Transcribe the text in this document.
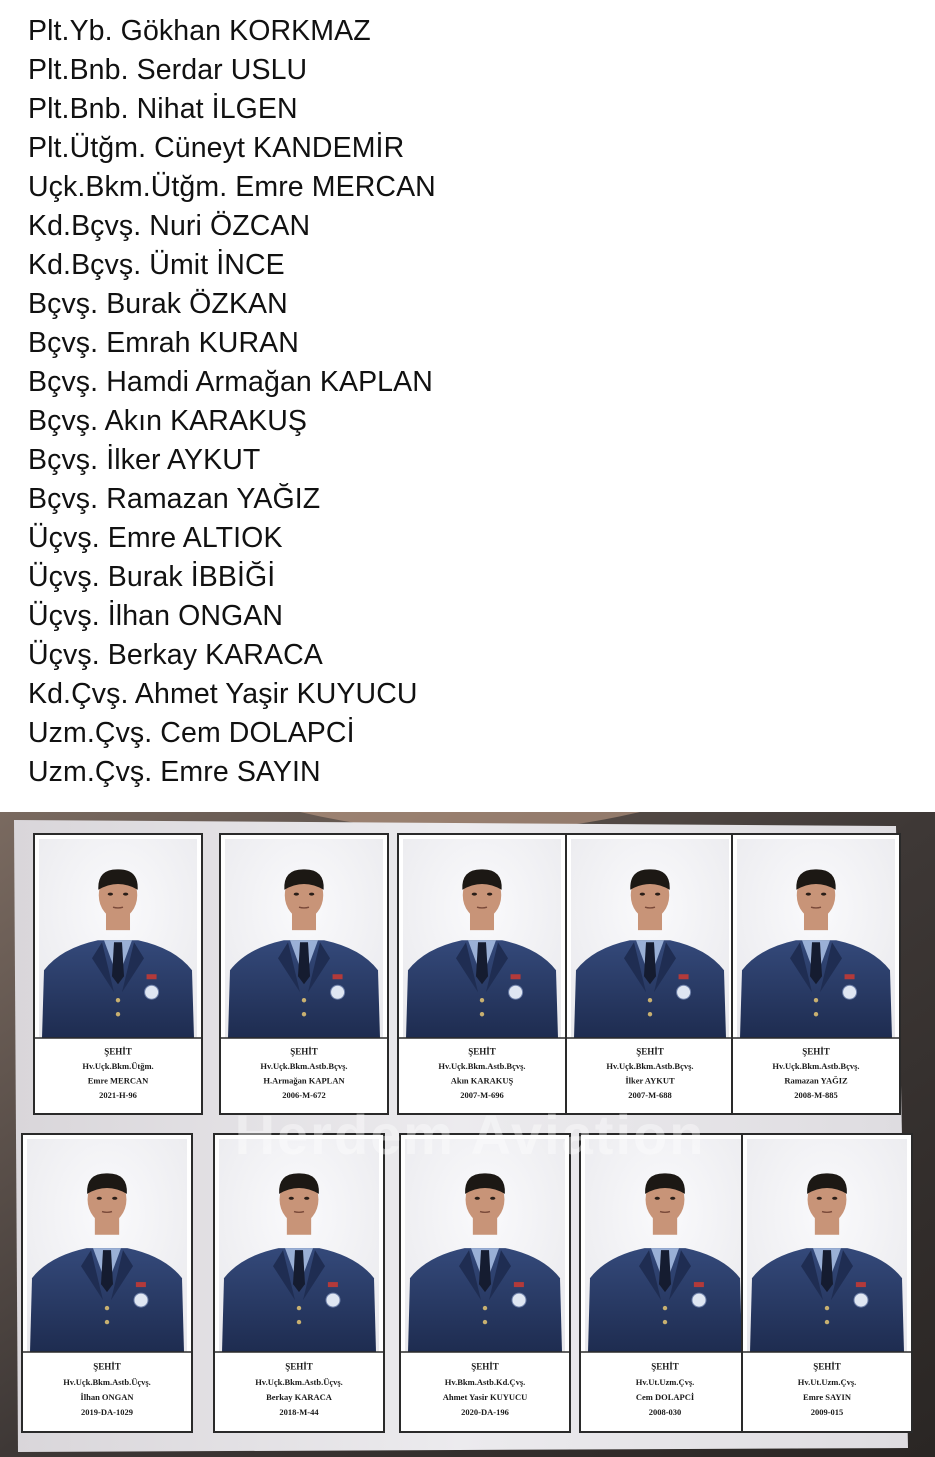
Plt.Yb. Gökhan KORKMAZ
Plt.Bnb. Serdar USLU
Plt.Bnb. Nihat İLGEN
Plt.Ütğm. Cüneyt KANDEMİR
Uçk.Bkm.Ütğm. Emre MERCAN
Kd.Bçvş. Nuri ÖZCAN
Kd.Bçvş. Ümit İNCE
Bçvş. Burak ÖZKAN
Bçvş. Emrah KURAN
Bçvş. Hamdi Armağan KAPLAN
Bçvş. Akın KARAKUŞ
Bçvş. İlker AYKUT
Bçvş. Ramazan YAĞIZ
Üçvş. Emre ALTIOK
Üçvş. Burak İBBİĞİ
Üçvş. İlhan ONGAN
Üçvş. Berkay KARACA
Kd.Çvş. Ahmet Yaşir KUYUCU
Uzm.Çvş. Cem DOLAPCİ
Uzm.Çvş. Emre SAYIN
ŞEHİT
Hv.Uçk.Bkm.Ütğm.
Emre MERCAN
2021-H-96
ŞEHİT
Hv.Uçk.Bkm.Astb.Bçvş.
H.Armağan KAPLAN
2006-M-672
ŞEHİT
Hv.Uçk.Bkm.Astb.Bçvş.
Akın KARAKUŞ
2007-M-696
ŞEHİT
Hv.Uçk.Bkm.Astb.Bçvş.
İlker AYKUT
2007-M-688
ŞEHİT
Hv.Uçk.Bkm.Astb.Bçvş.
Ramazan YAĞIZ
2008-M-885
ŞEHİT
Hv.Uçk.Bkm.Astb.Üçvş.
İlhan ONGAN
2019-DA-1029
ŞEHİT
Hv.Uçk.Bkm.Astb.Üçvş.
Berkay KARACA
2018-M-44
ŞEHİT
Hv.Bkm.Astb.Kd.Çvş.
Ahmet Yasir KUYUCU
2020-DA-196
ŞEHİT
Hv.Ut.Uzm.Çvş.
Cem DOLAPCİ
2008-030
ŞEHİT
Hv.Ut.Uzm.Çvş.
Emre SAYIN
2009-015
Herdem Aviation
